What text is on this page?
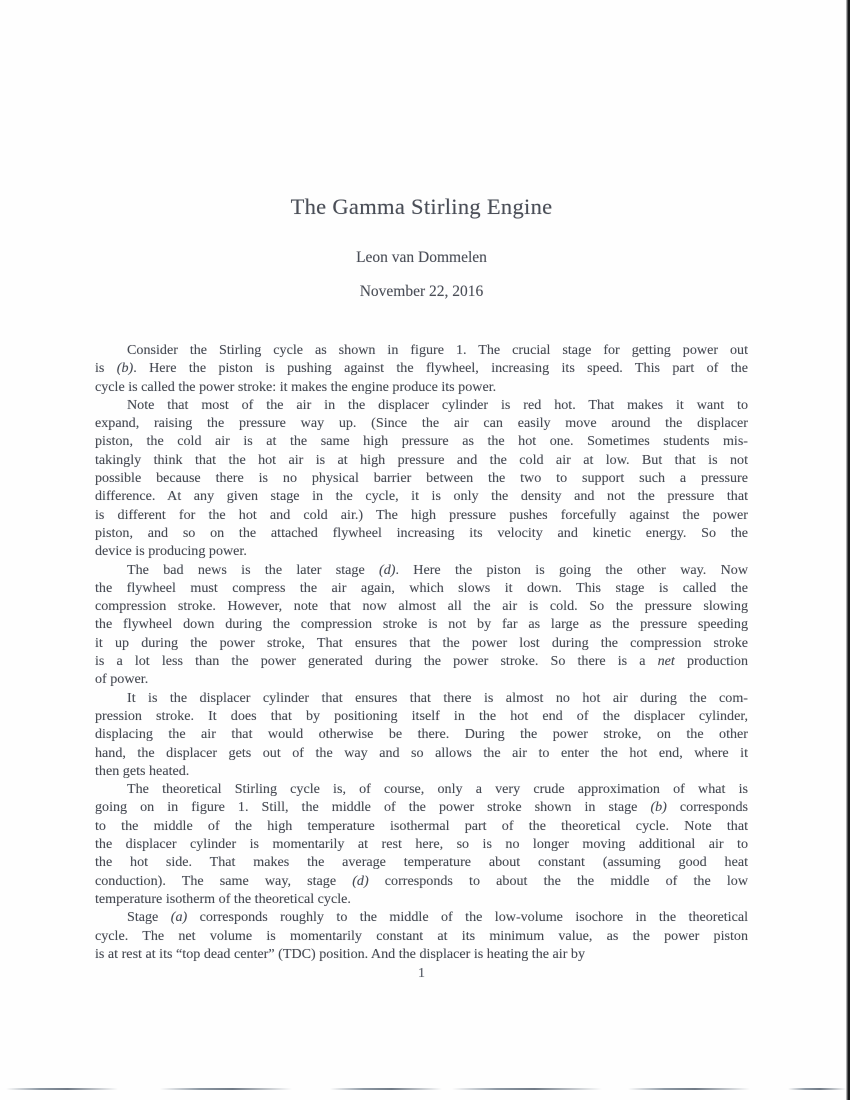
The Gamma Stirling Engine
Leon van Dommelen
November 22, 2016
Consider the Stirling cycle as shown in figure 1. The crucial stage for getting power out
is (b). Here the piston is pushing against the flywheel, increasing its speed. This part of the
cycle is called the power stroke: it makes the engine produce its power.
Note that most of the air in the displacer cylinder is red hot. That makes it want to
expand, raising the pressure way up. (Since the air can easily move around the displacer
piston, the cold air is at the same high pressure as the hot one. Sometimes students mis-
takingly think that the hot air is at high pressure and the cold air at low. But that is not
possible because there is no physical barrier between the two to support such a pressure
difference. At any given stage in the cycle, it is only the density and not the pressure that
is different for the hot and cold air.) The high pressure pushes forcefully against the power
piston, and so on the attached flywheel increasing its velocity and kinetic energy. So the
device is producing power.
The bad news is the later stage (d). Here the piston is going the other way. Now
the flywheel must compress the air again, which slows it down. This stage is called the
compression stroke. However, note that now almost all the air is cold. So the pressure slowing
the flywheel down during the compression stroke is not by far as large as the pressure speeding
it up during the power stroke, That ensures that the power lost during the compression stroke
is a lot less than the power generated during the power stroke. So there is a net production
of power.
It is the displacer cylinder that ensures that there is almost no hot air during the com-
pression stroke. It does that by positioning itself in the hot end of the displacer cylinder,
displacing the air that would otherwise be there. During the power stroke, on the other
hand, the displacer gets out of the way and so allows the air to enter the hot end, where it
then gets heated.
The theoretical Stirling cycle is, of course, only a very crude approximation of what is
going on in figure 1. Still, the middle of the power stroke shown in stage (b) corresponds
to the middle of the high temperature isothermal part of the theoretical cycle. Note that
the displacer cylinder is momentarily at rest here, so is no longer moving additional air to
the hot side. That makes the average temperature about constant (assuming good heat
conduction). The same way, stage (d) corresponds to about the the middle of the low
temperature isotherm of the theoretical cycle.
Stage (a) corresponds roughly to the middle of the low-volume isochore in the theoretical
cycle. The net volume is momentarily constant at its minimum value, as the power piston
is at rest at its “top dead center” (TDC) position. And the displacer is heating the air by
1
